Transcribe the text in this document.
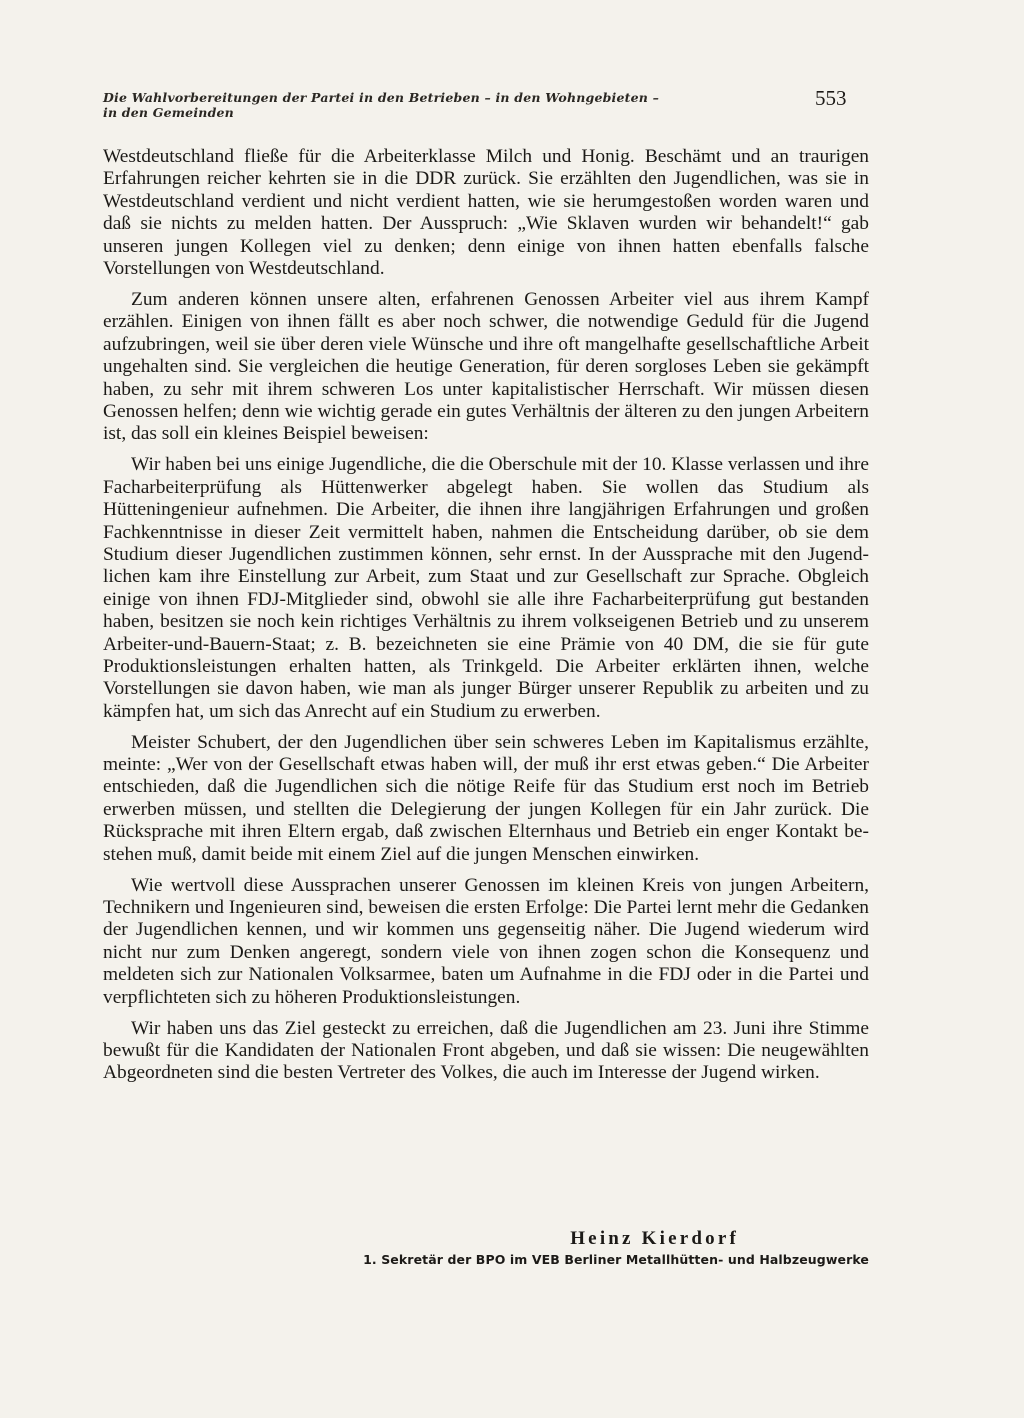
Die Wahlvorbereitungen der Partei in den Betrieben – in den Wohngebieten –
in den Gemeinden
553

Westdeutschland fließe für die Arbeiterklasse Milch und Honig. Beschämt und an traurigen Erfahrungen reicher kehrten sie in die DDR zurück. Sie erzählten den Jugendlichen, was sie in Westdeutschland verdient und nicht verdient hatten, wie sie herumgestoßen worden waren und daß sie nichts zu melden hatten. Der Ausspruch: „Wie Sklaven wurden wir behandelt!“ gab unseren jungen Kollegen viel zu denken; denn einige von ihnen hatten ebenfalls falsche Vorstellungen von Westdeutschland.

Zum anderen können unsere alten, erfahrenen Genossen Arbeiter viel aus ihrem Kampf erzählen. Einigen von ihnen fällt es aber noch schwer, die notwendige Geduld für die Jugend aufzubringen, weil sie über deren viele Wünsche und ihre oft mangelhafte gesellschaftliche Arbeit ungehalten sind. Sie vergleichen die heutige Generation, für deren sorgloses Leben sie gekämpft haben, zu sehr mit ihrem schweren Los unter kapitalistischer Herrschaft. Wir müssen diesen Genossen helfen; denn wie wichtig gerade ein gutes Verhältnis der älteren zu den jungen Arbeitern ist, das soll ein kleines Beispiel beweisen:

Wir haben bei uns einige Jugendliche, die die Oberschule mit der 10. Klasse verlassen und ihre Facharbeiterprüfung als Hüttenwerker abgelegt haben. Sie wollen das Studium als Hütteningenieur aufnehmen. Die Arbeiter, die ihnen ihre langjährigen Erfahrungen und großen Fachkenntnisse in dieser Zeit vermittelt haben, nahmen die Entscheidung darüber, ob sie dem Studium dieser Jugendlichen zustimmen können, sehr ernst. In der Aussprache mit den Jugendlichen kam ihre Einstellung zur Arbeit, zum Staat und zur Gesellschaft zur Sprache. Obgleich einige von ihnen FDJ-Mitglieder sind, obwohl sie alle ihre Facharbeiterprüfung gut bestanden haben, besitzen sie noch kein richtiges Verhältnis zu ihrem volkseigenen Betrieb und zu unserem Arbeiter-und-Bauern-Staat; z. B. bezeichneten sie eine Prämie von 40 DM, die sie für gute Produktionsleistungen erhalten hatten, als Trinkgeld. Die Arbeiter erklärten ihnen, welche Vorstellungen sie davon haben, wie man als junger Bürger unserer Republik zu arbeiten und zu kämpfen hat, um sich das Anrecht auf ein Studium zu erwerben.

Meister Schubert, der den Jugendlichen über sein schweres Leben im Kapitalismus erzählte, meinte: „Wer von der Gesellschaft etwas haben will, der muß ihr erst etwas geben.“ Die Arbeiter entschieden, daß die Jugendlichen sich die nötige Reife für das Studium erst noch im Betrieb erwerben müssen, und stellten die Delegierung der jungen Kollegen für ein Jahr zurück. Die Rücksprache mit ihren Eltern ergab, daß zwischen Elternhaus und Betrieb ein enger Kontakt bestehen muß, damit beide mit einem Ziel auf die jungen Menschen einwirken.

Wie wertvoll diese Aussprachen unserer Genossen im kleinen Kreis von jungen Arbeitern, Technikern und Ingenieuren sind, beweisen die ersten Erfolge: Die Partei lernt mehr die Gedanken der Jugendlichen kennen, und wir kommen uns gegenseitig näher. Die Jugend wiederum wird nicht nur zum Denken angeregt, sondern viele von ihnen zogen schon die Konsequenz und meldeten sich zur Nationalen Volksarmee, baten um Aufnahme in die FDJ oder in die Partei und verpflichteten sich zu höheren Produktionsleistungen.

Wir haben uns das Ziel gesteckt zu erreichen, daß die Jugendlichen am 23. Juni ihre Stimme bewußt für die Kandidaten der Nationalen Front abgeben, und daß sie wissen: Die neugewählten Abgeordneten sind die besten Vertreter des Volkes, die auch im Interesse der Jugend wirken.

Heinz Kierdorf
1. Sekretär der BPO im VEB Berliner Metallhütten- und Halbzeugwerke
